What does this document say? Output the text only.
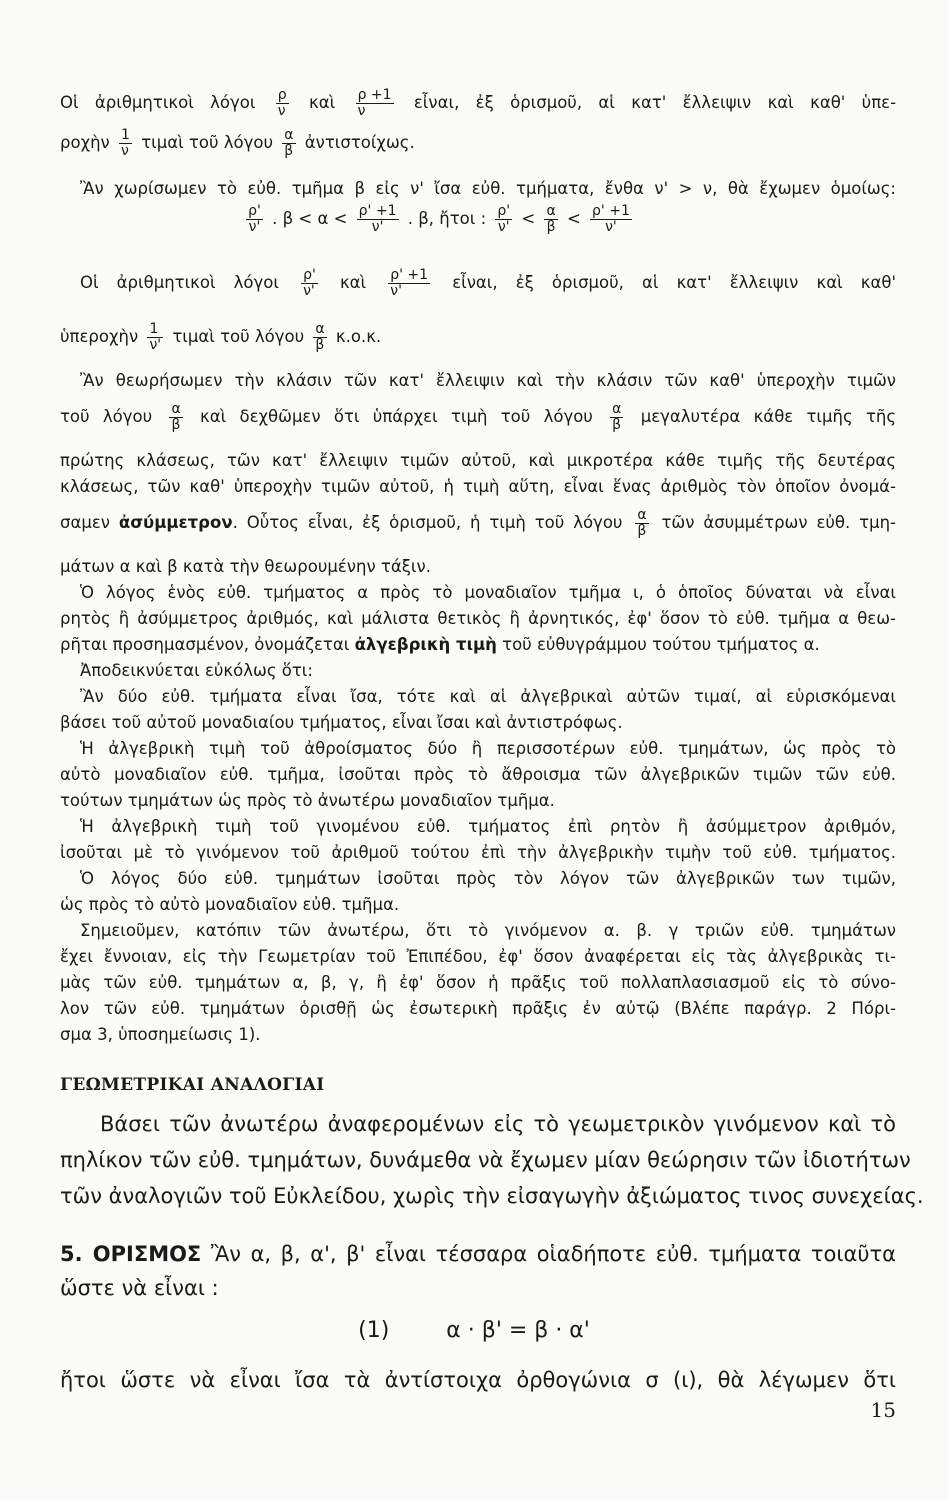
Οἱ ἀριθμητικοὶ λόγοι $\frac{\rho}{\nu}$ καὶ $\frac{\rho +1}{\nu}$ εἶναι, ἐξ ὁρισμοῦ, αἱ κατ' ἔλλειψιν καὶ καθ' ὑπε-
ροχὴν $\frac{1}{\nu}$ τιμαὶ τοῦ λόγου $\frac{\alpha}{\beta}$ ἀντιστοίχως.
Ἂν χωρίσωμεν τὸ εὐθ. τμῆμα β εἰς ν' ἴσα εὐθ. τμήματα, ἔνθα ν' > ν, θὰ ἔχωμεν ὁμοίως:
$\frac{\rho'}{\nu'}$ . $\beta < \alpha < \frac{\rho' +1}{\nu'}$ . β, ἤτοι : $\frac{\rho'}{\nu'} < \frac{\alpha}{\beta} < \frac{\rho' +1}{\nu'}$
Οἱ ἀριθμητικοὶ λόγοι $\frac{\rho'}{\nu'}$ καὶ $\frac{\rho' +1}{\nu'}$ εἶναι, ἐξ ὁρισμοῦ, αἱ κατ' ἔλλειψιν καὶ καθ'
ὑπεροχὴν $\frac{1}{\nu'}$ τιμαὶ τοῦ λόγου $\frac{\alpha}{\beta} \kappa.o.\kappa$.
Ἂν θεωρήσωμεν τὴν κλάσιν τῶν κατ' ἔλλειψιν καὶ τὴν κλάσιν τῶν καθ' ὑπεροχὴν τιμῶν
τοῦ λόγου $\frac{\alpha}{\beta}$ καὶ δεχθῶμεν ὅτι ὑπάρχει τιμὴ τοῦ λόγου $\frac{\alpha}{\beta}$ μεγαλυτέρα κάθε τιμῆς τῆς
πρώτης κλάσεως, τῶν κατ' ἔλλειψιν τιμῶν αὐτοῦ, καὶ μικροτέρα κάθε τιμῆς τῆς δευτέρας
κλάσεως, τῶν καθ' ὑπεροχὴν τιμῶν αὐτοῦ, ἡ τιμὴ αὕτη, εἶναι ἕνας ἀριθμὸς τὸν ὁποῖον ὀνομά-
σαμεν ἀσύμμετρον. Οὗτος εἶναι, ἐξ ὁρισμοῦ, ἡ τιμὴ τοῦ λόγου $\frac{\alpha}{\beta}$ τῶν ἀσυμμέτρων εὐθ. τμη-
μάτων α καὶ β κατὰ τὴν θεωρουμένην τάξιν.
Ὁ λόγος ἑνὸς εὐθ. τμήματος α πρὸς τὸ μοναδιαῖον τμῆμα ι, ὁ ὁποῖος δύναται νὰ εἶναι
ρητὸς ἢ ἀσύμμετρος ἀριθμός, καὶ μάλιστα θετικὸς ἢ ἀρνητικός, ἐφ' ὅσον τὸ εὐθ. τμῆμα α θεω-
ρῆται προσημασμένον, ὀνομάζεται ἀλγεβρικὴ τιμὴ τοῦ εὐθυγράμμου τούτου τμήματος α.
Ἀποδεικνύεται εὐκόλως ὅτι:
Ἂν δύο εὐθ. τμήματα εἶναι ἴσα, τότε καὶ αἱ ἀλγεβρικαὶ αὐτῶν τιμαί, αἱ εὑρισκόμεναι
βάσει τοῦ αὐτοῦ μοναδιαίου τμήματος, εἶναι ἴσαι καὶ ἀντιστρόφως.
Ἡ ἀλγεβρικὴ τιμὴ τοῦ ἀθροίσματος δύο ἢ περισσοτέρων εὐθ. τμημάτων, ὡς πρὸς τὸ
αὐτὸ μοναδιαῖον εὐθ. τμῆμα, ἰσοῦται πρὸς τὸ ἄθροισμα τῶν ἀλγεβρικῶν τιμῶν τῶν εὐθ.
τούτων τμημάτων ὡς πρὸς τὸ ἀνωτέρω μοναδιαῖον τμῆμα.
Ἡ ἀλγεβρικὴ τιμὴ τοῦ γινομένου εὐθ. τμήματος ἐπὶ ρητὸν ἢ ἀσύμμετρον ἀριθμόν,
ἰσοῦται μὲ τὸ γινόμενον τοῦ ἀριθμοῦ τούτου ἐπὶ τὴν ἀλγεβρικὴν τιμὴν τοῦ εὐθ. τμήματος.
Ὁ λόγος δύο εὐθ. τμημάτων ἰσοῦται πρὸς τὸν λόγον τῶν ἀλγεβρικῶν των τιμῶν,
ὡς πρὸς τὸ αὐτὸ μοναδιαῖον εὐθ. τμῆμα.
Σημειοῦμεν, κατόπιν τῶν ἀνωτέρω, ὅτι τὸ γινόμενον α. β. γ τριῶν εὐθ. τμημάτων
ἔχει ἔννοιαν, εἰς τὴν Γεωμετρίαν τοῦ Ἐπιπέδου, ἐφ' ὅσον ἀναφέρεται εἰς τὰς ἀλγεβρικὰς τι-
μὰς τῶν εὐθ. τμημάτων α, β, γ, ἢ ἐφ' ὅσον ἡ πρᾶξις τοῦ πολλαπλασιασμοῦ εἰς τὸ σύνο-
λον τῶν εὐθ. τμημάτων ὁρισθῇ ὡς ἐσωτερικὴ πρᾶξις ἐν αὐτῷ (Βλέπε παράγρ. 2 Πόρι-
σμα 3, ὑποσημείωσις 1).
ΓΕΩΜΕΤΡΙΚΑΙ ΑΝΑΛΟΓΙΑΙ
Βάσει τῶν ἀνωτέρω ἀναφερομένων εἰς τὸ γεωμετρικὸν γινόμενον καὶ τὸ
πηλίκον τῶν εὐθ. τμημάτων, δυνάμεθα νὰ ἔχωμεν μίαν θεώρησιν τῶν ἰδιοτήτων
τῶν ἀναλογιῶν τοῦ Εὐκλείδου, χωρὶς τὴν εἰσαγωγὴν ἀξιώματος τινος συνεχείας.
5. ΟΡΙΣΜΟΣ Ἂν α, β, α', β' εἶναι τέσσαρα οἱαδήποτε εὐθ. τμήματα τοιαῦτα
ὥστε νὰ εἶναι :
(1)	α · β' = β · α'
ἤτοι ὥστε νὰ εἶναι ἴσα τὰ ἀντίστοιχα ὀρθογώνια σ (ι), θὰ λέγωμεν ὅτι
15
